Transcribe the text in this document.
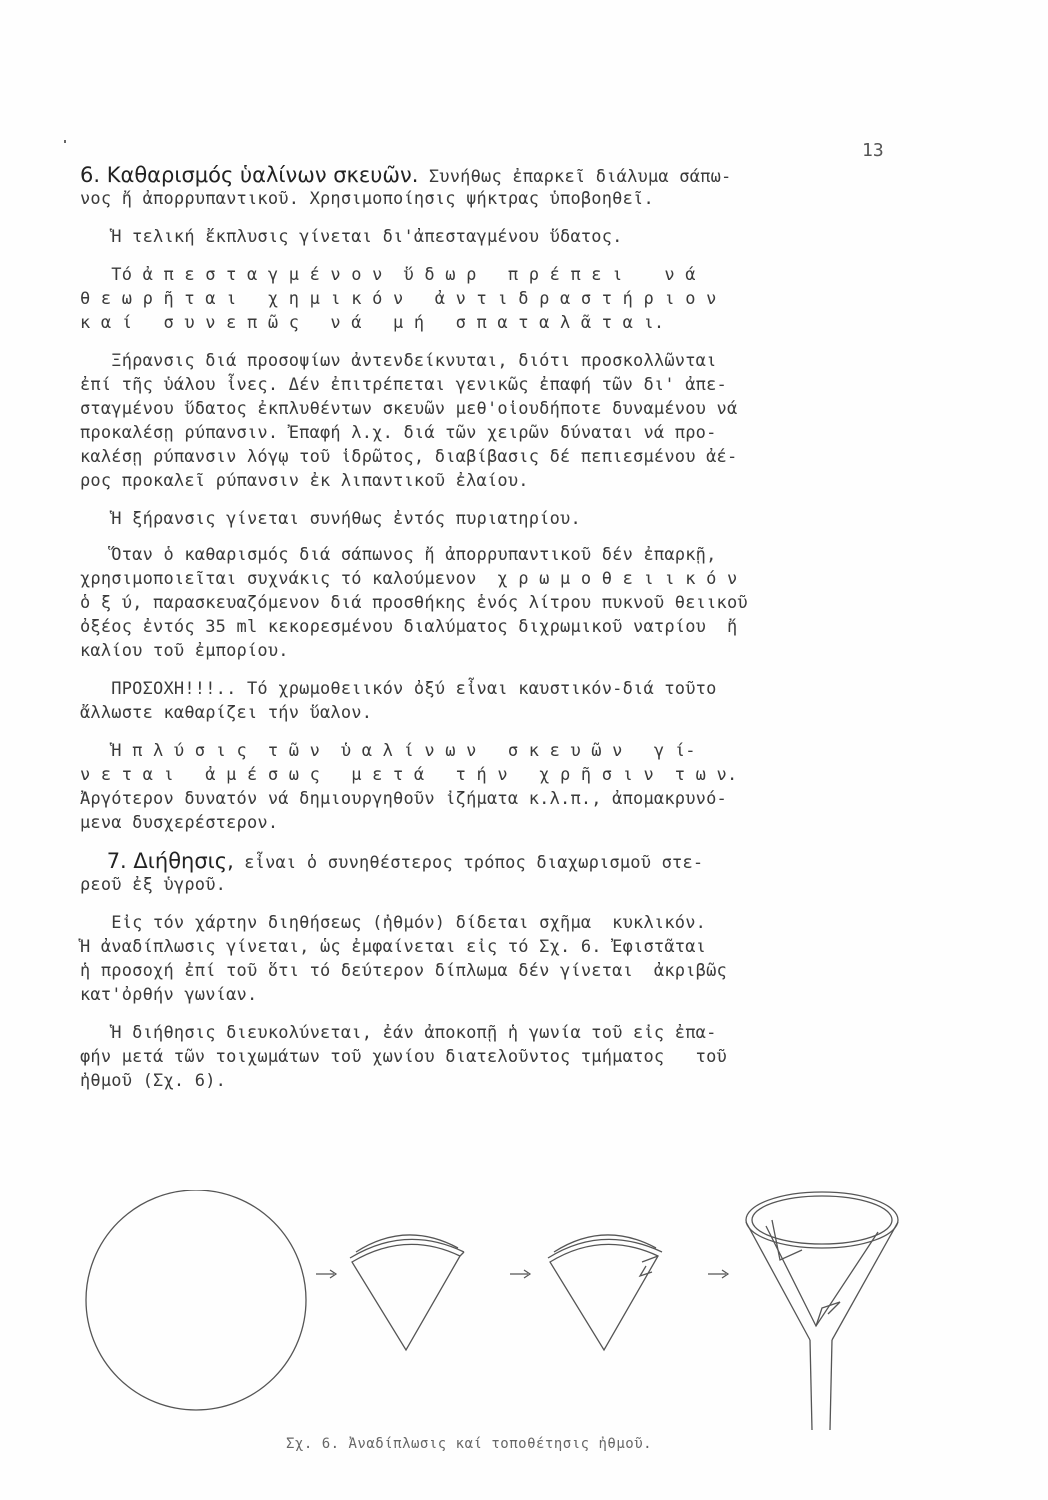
13
6. Καθαρισμός ὑαλίνων σκευῶν. Συνήθως ἐπαρκεῖ διάλυμα σάπω-
νος ἤ ἀπορρυπαντικοῦ. Χρησιμοποίησις ψήκτρας ὑποβοηθεῖ.
Ἡ τελική ἔκπλυσις γίνεται δι'ἀπεσταγμένου ὕδατος.
Τό ἀ π ε σ τ α γ μ έ ν ο ν  ὕ δ ω ρ   π ρ έ π ε ι    ν ά
θ ε ω ρ ῆ τ α ι   χ η μ ι κ ό ν   ἀ ν τ ι δ ρ α σ τ ή ρ ι ο ν
κ α ί   σ υ ν ε π ῶ ς   ν ά   μ ή   σ π α τ α λ ᾶ τ α ι.
Ξήρανσις διά προσοψίων ἀντενδείκνυται, διότι προσκολλῶνται
ἐπί τῆς ὑάλου ἶνες. Δέν ἐπιτρέπεται γενικῶς ἐπαφή τῶν δι' ἀπε-
σταγμένου ὕδατος ἐκπλυθέντων σκευῶν μεθ'οἱουδήποτε δυναμένου νά
προκαλέσῃ ρύπανσιν. Ἐπαφή λ.χ. διά τῶν χειρῶν δύναται νά προ-
καλέσῃ ρύπανσιν λόγῳ τοῦ ἱδρῶτος, διαβίβασις δέ πεπιεσμένου ἀέ-
ρος προκαλεῖ ρύπανσιν ἐκ λιπαντικοῦ ἐλαίου.
Ἡ ξήρανσις γίνεται συνήθως ἐντός πυριατηρίου.
Ὅταν ὁ καθαρισμός διά σάπωνος ἤ ἀπορρυπαντικοῦ δέν ἐπαρκῇ,
χρησιμοποιεῖται συχνάκις τό καλούμενον  χ ρ ω μ ο θ ε ι ι κ ό ν
ὁ ξ ύ, παρασκευαζόμενον διά προσθήκης ἑνός λίτρου πυκνοῦ θειικοῦ
ὀξέος ἐντός 35 ml κεκορεσμένου διαλύματος διχρωμικοῦ νατρίου  ἤ
καλίου τοῦ ἐμπορίου.
ΠΡΟΣΟΧΗ!!!.. Τό χρωμοθειικόν ὀξύ εἶναι καυστικόν-διά τοῦτο
ἄλλωστε καθαρίζει τήν ὕαλον.
Ἡ π λ ύ σ ι ς  τ ῶ ν  ὑ α λ ί ν ω ν   σ κ ε υ ῶ ν   γ ί-
ν ε τ α ι   ἀ μ έ σ ω ς   μ ε τ ά   τ ή ν   χ ρ ῆ σ ι ν  τ ω ν.
Ἀργότερον δυνατόν νά δημιουργηθοῦν ἰζήματα κ.λ.π., ἀπομακρυνό-
μενα δυσχερέστερον.
7. Διήθησις, εἶναι ὁ συνηθέστερος τρόπος διαχωρισμοῦ στε-
ρεοῦ ἐξ ὑγροῦ.
Εἰς τόν χάρτην διηθήσεως (ἠθμόν) δίδεται σχῆμα  κυκλικόν.
Ἡ ἀναδίπλωσις γίνεται, ὡς ἐμφαίνεται εἰς τό Σχ. 6. Ἐφιστᾶται
ἡ προσοχή ἐπί τοῦ ὅτι τό δεύτερον δίπλωμα δέν γίνεται  ἀκριβῶς
κατ'ὀρθήν γωνίαν.
Ἡ διήθησις διευκολύνεται, ἐάν ἀποκοπῇ ἡ γωνία τοῦ εἰς ἐπα-
φήν μετά τῶν τοιχωμάτων τοῦ χωνίου διατελοῦντος τμήματος   τοῦ
ἠθμοῦ (Σχ. 6).
Σχ. 6. Ἀναδίπλωσις καί τοποθέτησις ἠθμοῦ.
